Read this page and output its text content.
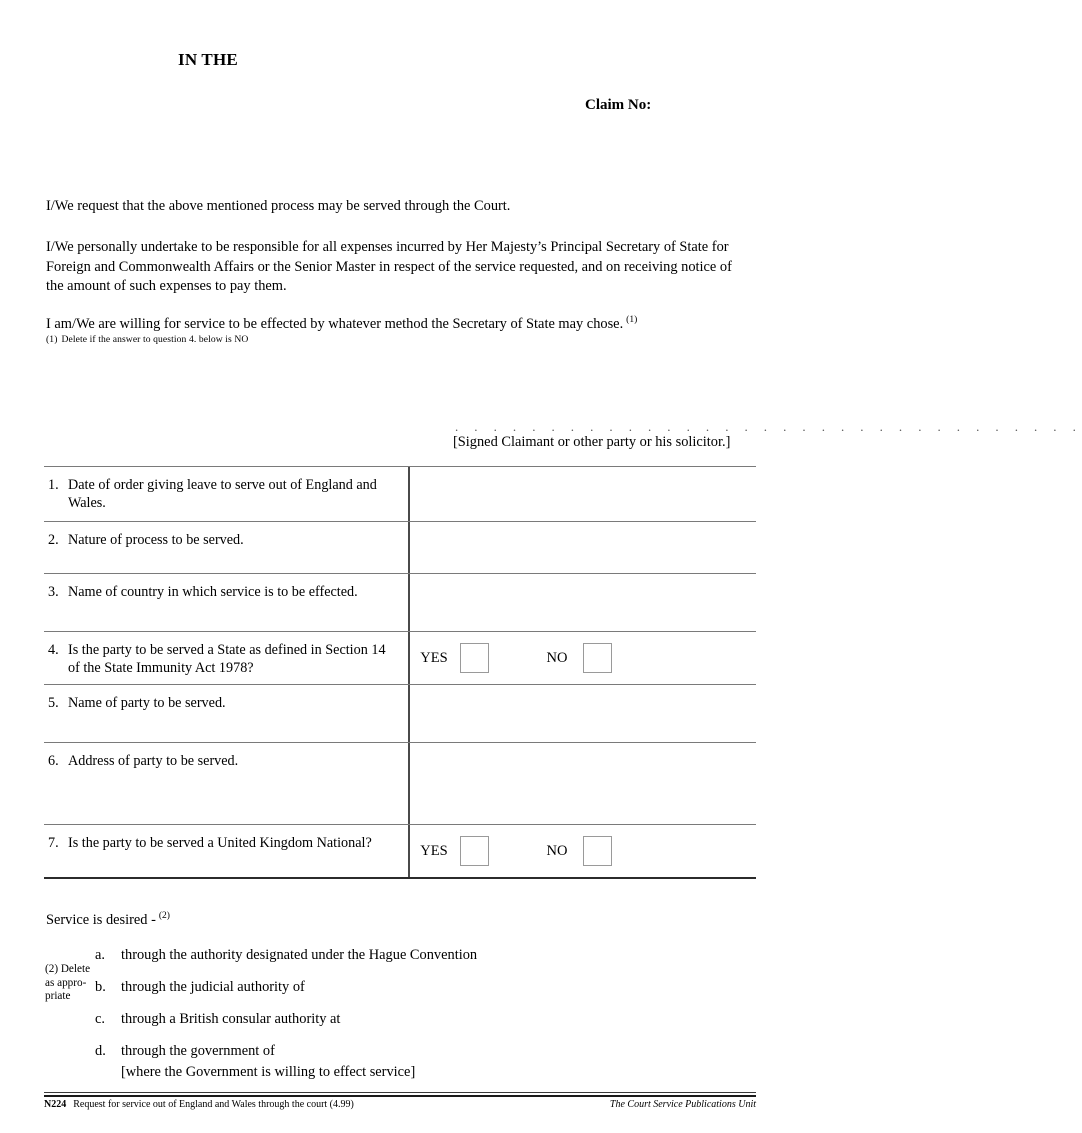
IN THE
Claim No:
I/We request that the above mentioned process may be served through the Court.
I/We personally undertake to be responsible for all expenses incurred by Her Majesty’s Principal Secretary of State for Foreign and Commonwealth Affairs or the Senior Master in respect of the service requested, and on receiving notice of the amount of such expenses to pay them.
I am/We are willing for service to be effected by whatever method the Secretary of State may chose. $^{(1)}$
(1) Delete if the answer to question 4. below is NO
. . . . . . . . . . . . . . . . . . . . . . . . . . . . . . . . .
[Signed Claimant or other party or his solicitor.]
1. Date of order giving leave to serve out of England and Wales.
2. Nature of process to be served.
3. Name of country in which service is to be effected.
4. Is the party to be served a State as defined in Section 14 of the State Immunity Act 1978?
YES	NO
5. Name of party to be served.
6. Address of party to be served.
7. Is the party to be served a United Kingdom National?	YES	NO
Service is desired - $^{(2)}$
(2) Delete as appro- priate
a. through the authority designated under the Hague Convention
b. through the judicial authority of
c. through a British consular authority at
d. through the government of
[where the Government is willing to effect service]
N224 Request for service out of England and Wales through the court (4.99)	The Court Service Publications Unit
